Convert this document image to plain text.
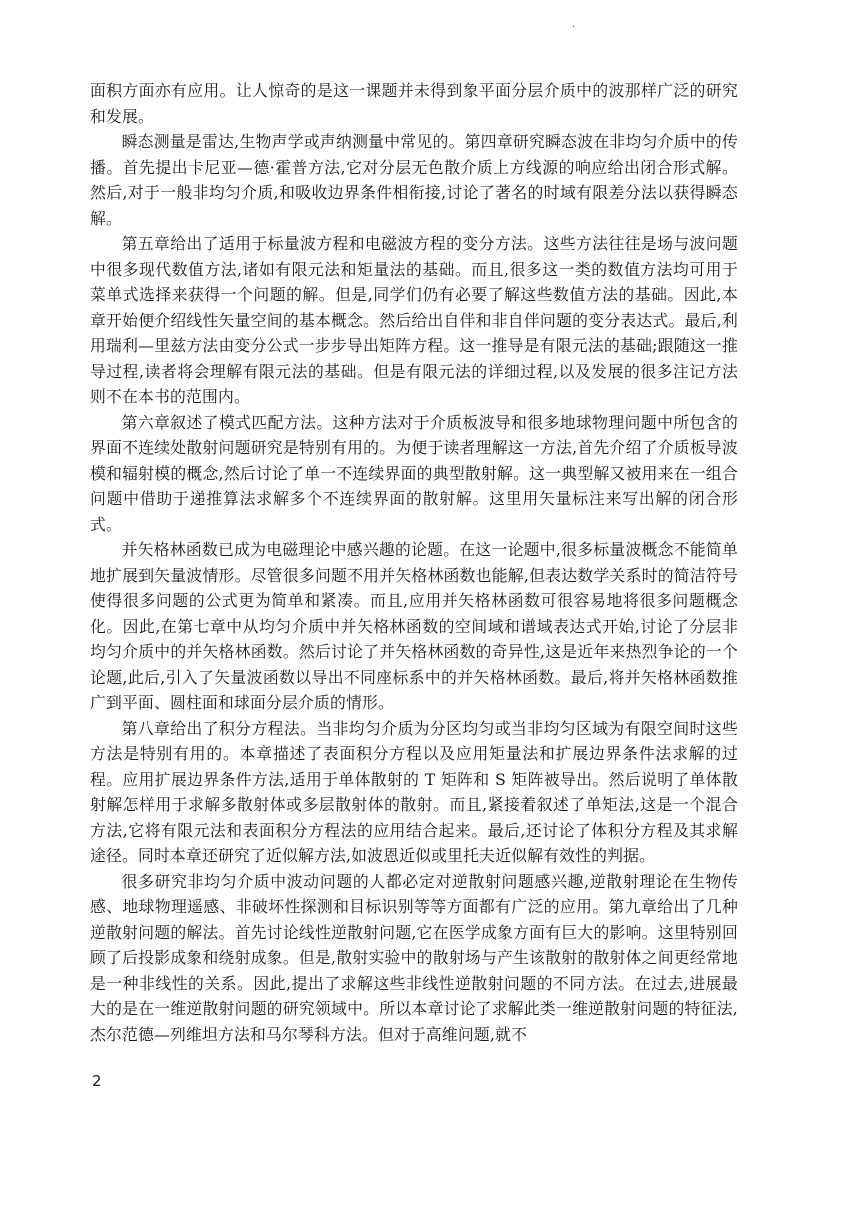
·

面积方面亦有应用。让人惊奇的是这一课题并未得到象平面分层介质中的波那样广泛的研究和发展。

瞬态测量是雷达,生物声学或声纳测量中常见的。第四章研究瞬态波在非均匀介质中的传播。首先提出卡尼亚—德·霍普方法,它对分层无色散介质上方线源的响应给出闭合形式解。然后,对于一般非均匀介质,和吸收边界条件相衔接,讨论了著名的时域有限差分法以获得瞬态解。

第五章给出了适用于标量波方程和电磁波方程的变分方法。这些方法往往是场与波问题中很多现代数值方法,诸如有限元法和矩量法的基础。而且,很多这一类的数值方法均可用于菜单式选择来获得一个问题的解。但是,同学们仍有必要了解这些数值方法的基础。因此,本章开始便介绍线性矢量空间的基本概念。然后给出自伴和非自伴问题的变分表达式。最后,利用瑞利—里兹方法由变分公式一步步导出矩阵方程。这一推导是有限元法的基础;跟随这一推导过程,读者将会理解有限元法的基础。但是有限元法的详细过程,以及发展的很多注记方法则不在本书的范围内。

第六章叙述了模式匹配方法。这种方法对于介质板波导和很多地球物理问题中所包含的界面不连续处散射问题研究是特别有用的。为便于读者理解这一方法,首先介绍了介质板导波模和辐射模的概念,然后讨论了单一不连续界面的典型散射解。这一典型解又被用来在一组合问题中借助于递推算法求解多个不连续界面的散射解。这里用矢量标注来写出解的闭合形式。

并矢格林函数已成为电磁理论中感兴趣的论题。在这一论题中,很多标量波概念不能简单地扩展到矢量波情形。尽管很多问题不用并矢格林函数也能解,但表达数学关系时的简洁符号使得很多问题的公式更为简单和紧凑。而且,应用并矢格林函数可很容易地将很多问题概念化。因此,在第七章中从均匀介质中并矢格林函数的空间域和谱域表达式开始,讨论了分层非均匀介质中的并矢格林函数。然后讨论了并矢格林函数的奇异性,这是近年来热烈争论的一个论题,此后,引入了矢量波函数以导出不同座标系中的并矢格林函数。最后,将并矢格林函数推广到平面、圆柱面和球面分层介质的情形。

第八章给出了积分方程法。当非均匀介质为分区均匀或当非均匀区域为有限空间时这些方法是特别有用的。本章描述了表面积分方程以及应用矩量法和扩展边界条件法求解的过程。应用扩展边界条件方法,适用于单体散射的 T 矩阵和 S 矩阵被导出。然后说明了单体散射解怎样用于求解多散射体或多层散射体的散射。而且,紧接着叙述了单矩法,这是一个混合方法,它将有限元法和表面积分方程法的应用结合起来。最后,还讨论了体积分方程及其求解途径。同时本章还研究了近似解方法,如波恩近似或里托夫近似解有效性的判据。

很多研究非均匀介质中波动问题的人都必定对逆散射问题感兴趣,逆散射理论在生物传感、地球物理遥感、非破坏性探测和目标识别等等方面都有广泛的应用。第九章给出了几种逆散射问题的解法。首先讨论线性逆散射问题,它在医学成象方面有巨大的影响。这里特别回顾了后投影成象和绕射成象。但是,散射实验中的散射场与产生该散射的散射体之间更经常地是一种非线性的关系。因此,提出了求解这些非线性逆散射问题的不同方法。在过去,进展最大的是在一维逆散射问题的研究领域中。所以本章讨论了求解此类一维逆散射问题的特征法,杰尔范德—列维坦方法和马尔琴科方法。但对于高维问题,就不

2
